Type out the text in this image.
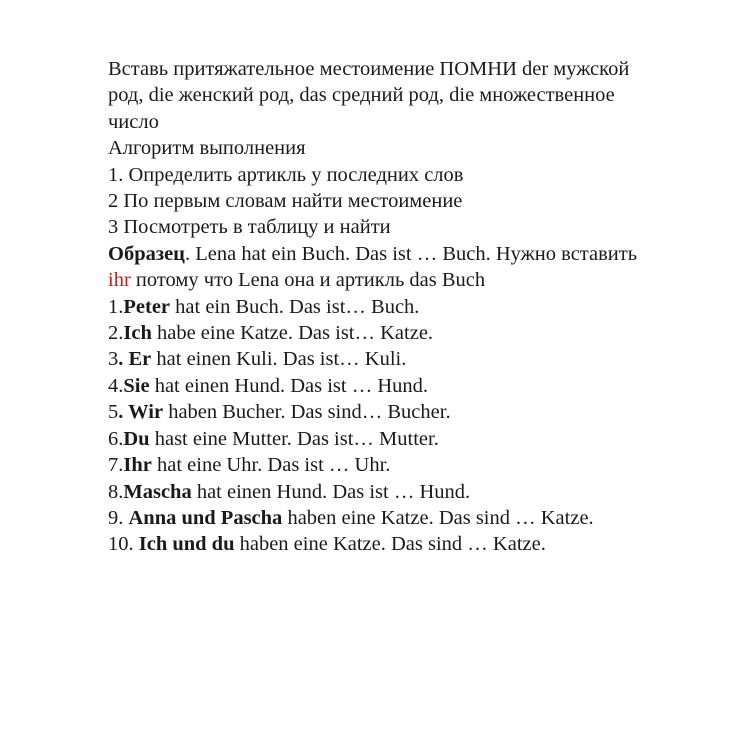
Вставь притяжательное местоимение ПОМНИ der мужской
род, die женский род, das средний род, die множественное
число
Алгоритм выполнения
1. Определить артикль у последних слов
2 По первым словам найти местоимение
3 Посмотреть в таблицу и найти
Образец. Lena hat ein Buch. Das ist … Buch. Нужно вставить
ihr потому что Lena она и артикль das Buch
1.Peter hat ein Buch. Das ist… Buch.
2.Ich habe eine Katze. Das ist… Katze.
3. Er hat einen Kuli. Das ist… Kuli.
4.Sie hat einen Hund. Das ist … Hund.
5. Wir haben Bucher. Das sind… Bucher.
6.Du hast eine Mutter. Das ist… Mutter.
7.Ihr hat eine Uhr. Das ist … Uhr.
8.Mascha hat einen Hund. Das ist … Hund.
9. Anna und Pascha haben eine Katze. Das sind … Katze.
10. Ich und du haben eine Katze. Das sind … Katze.
